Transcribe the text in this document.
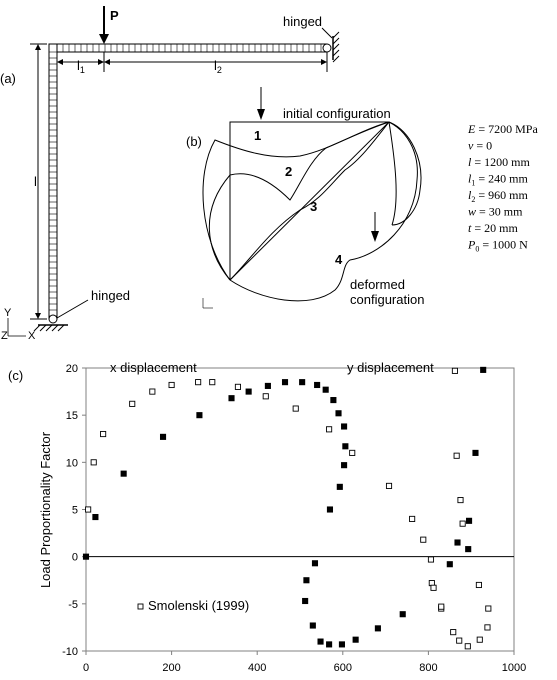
(a)
P	hinged
hinged
$l_1$	$l_2$
l
Y
X
Z
(b)
initial configuration
1
2
3
4
deformed
configuration
E = 7200 MPa
ν = 0
l = 1200 mm
$l_1 = 240$ mm
$l_2 = 960$ mm
w = 30 mm
t = 20 mm
$P_0 = 1000$ N
(c)
-10
-5
0
5
10
15
20
0	200	400	600	800	1000
Load Proportionality Factor
x displacement	y displacement
Smolenski (1999)
